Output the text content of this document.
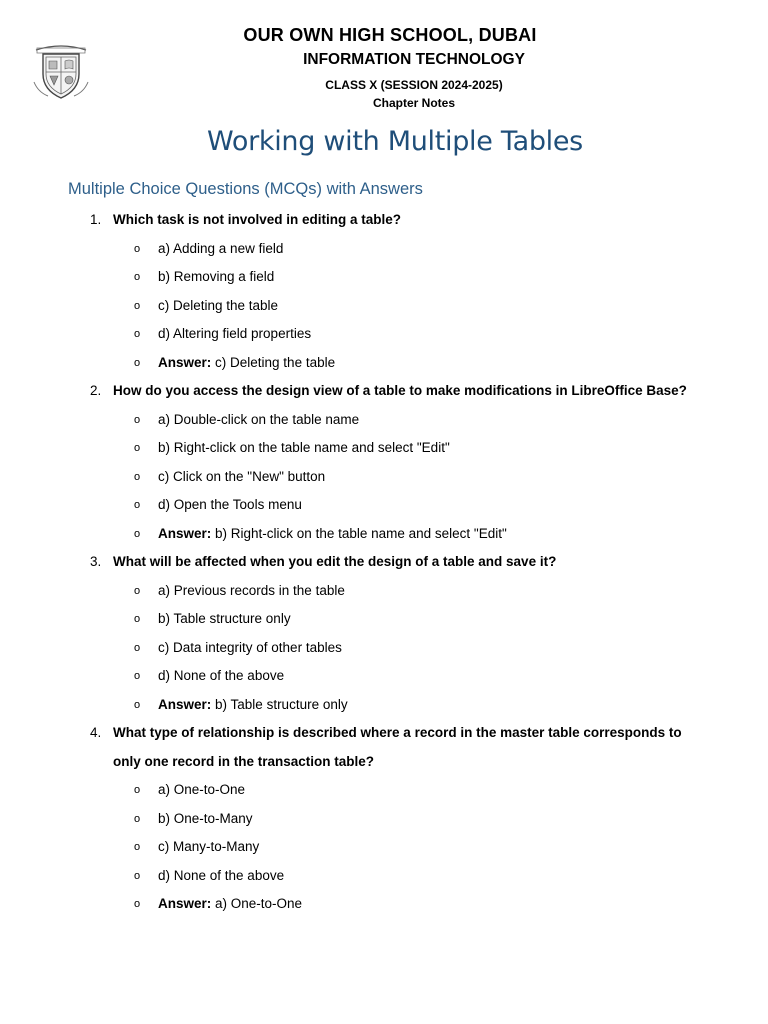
OUR OWN HIGH SCHOOL, DUBAI
INFORMATION TECHNOLOGY
CLASS X (SESSION 2024-2025)
Chapter Notes
Working with Multiple Tables
Multiple Choice Questions (MCQs) with Answers
1. Which task is not involved in editing a table?
o a) Adding a new field
o b) Removing a field
o c) Deleting the table
o d) Altering field properties
o Answer: c) Deleting the table
2. How do you access the design view of a table to make modifications in LibreOffice Base?
o a) Double-click on the table name
o b) Right-click on the table name and select "Edit"
o c) Click on the "New" button
o d) Open the Tools menu
o Answer: b) Right-click on the table name and select "Edit"
3. What will be affected when you edit the design of a table and save it?
o a) Previous records in the table
o b) Table structure only
o c) Data integrity of other tables
o d) None of the above
o Answer: b) Table structure only
4. What type of relationship is described where a record in the master table corresponds to only one record in the transaction table?
o a) One-to-One
o b) One-to-Many
o c) Many-to-Many
o d) None of the above
o Answer: a) One-to-One
